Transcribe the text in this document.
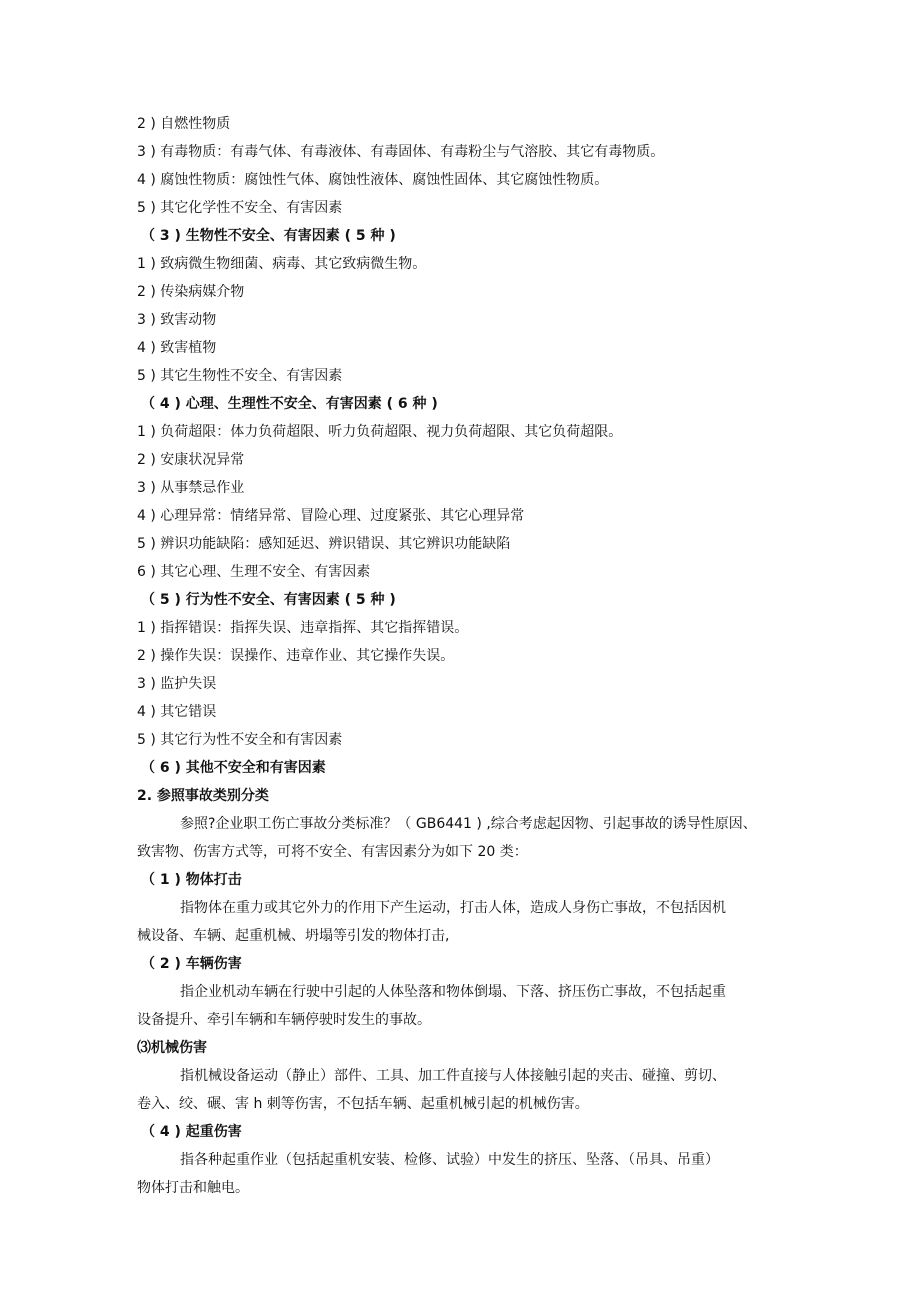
2 ) 自燃性物质
3 ) 有毒物质：有毒气体、有毒液体、有毒固体、有毒粉尘与气溶胶、其它有毒物质。
4 ) 腐蚀性物质：腐蚀性气体、腐蚀性液体、腐蚀性固体、其它腐蚀性物质。
5 ) 其它化学性不安全、有害因素
（ 3 ) 生物性不安全、有害因素 ( 5 种 )
1 ) 致病微生物细菌、病毒、其它致病微生物。
2 ) 传染病媒介物
3 ) 致害动物
4 ) 致害植物
5 ) 其它生物性不安全、有害因素
（ 4 ) 心理、生理性不安全、有害因素 ( 6 种 )
1 ) 负荷超限：体力负荷超限、听力负荷超限、视力负荷超限、其它负荷超限。
2 ) 安康状况异常
3 ) 从事禁忌作业
4 ) 心理异常：情绪异常、冒险心理、过度紧张、其它心理异常
5 ) 辨识功能缺陷：感知延迟、辨识错误、其它辨识功能缺陷
6 ) 其它心理、生理不安全、有害因素
（ 5 ) 行为性不安全、有害因素 ( 5 种 )
1 ) 指挥错误：指挥失误、违章指挥、其它指挥错误。
2 ) 操作失误：误操作、违章作业、其它操作失误。
3 ) 监护失误
4 ) 其它错误
5 ) 其它行为性不安全和有害因素
（ 6 ) 其他不安全和有害因素
2. 参照事故类别分类
参照?企业职工伤亡事故分类标准？（ GB6441 ) ,综合考虑起因物、引起事故的诱导性原因、
致害物、伤害方式等，可将不安全、有害因素分为如下 20 类：
（ 1 ) 物体打击
指物体在重力或其它外力的作用下产生运动，打击人体，造成人身伤亡事故，不包括因机
械设备、车辆、起重机械、坍塌等引发的物体打击,
（ 2 ) 车辆伤害
指企业机动车辆在行驶中引起的人体坠落和物体倒塌、下落、挤压伤亡事故，不包括起重
设备提升、牵引车辆和车辆停驶时发生的事故。
⑶机械伤害
指机械设备运动（静止）部件、工具、加工件直接与人体接触引起的夹击、碰撞、剪切、
卷入、绞、碾、害 h 刺等伤害，不包括车辆、起重机械引起的机械伤害。
（ 4 ) 起重伤害
指各种起重作业（包括起重机安装、检修、试验）中发生的挤压、坠落、（吊具、吊重）
物体打击和触电。
